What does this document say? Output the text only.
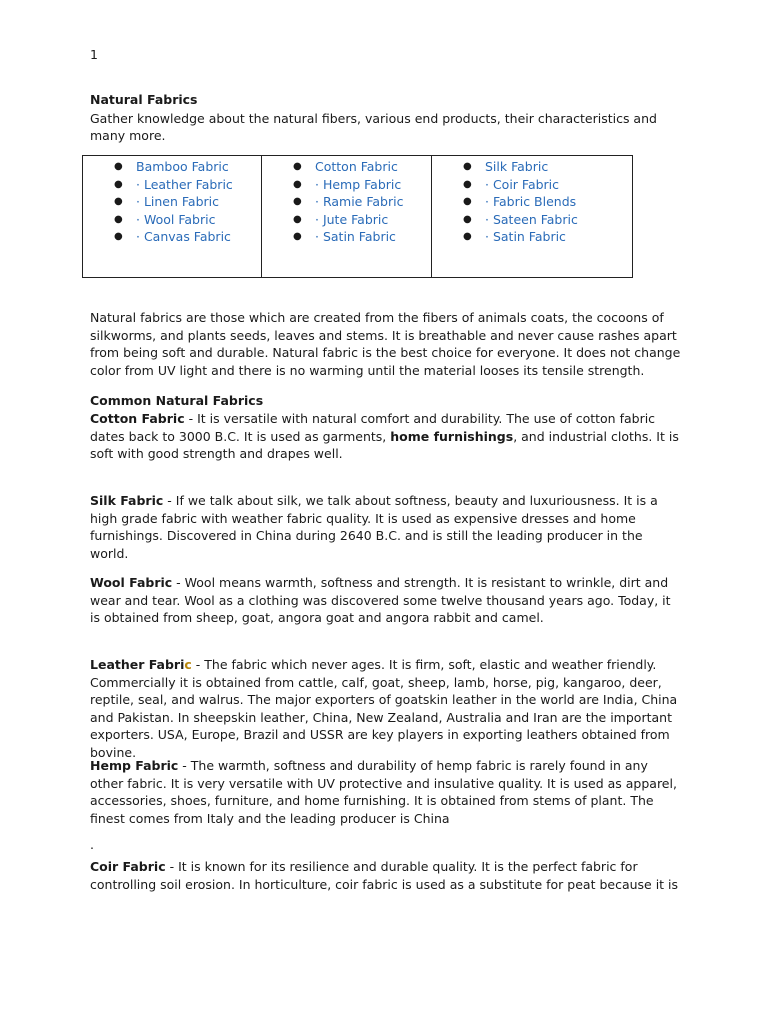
1
Natural Fabrics
Gather knowledge about the natural fibers, various end products, their characteristics and many more.
● Bamboo Fabric
● · Leather Fabric
● · Linen Fabric
● · Wool Fabric
● · Canvas Fabric

● Cotton Fabric
● · Hemp Fabric
● · Ramie Fabric
● · Jute Fabric
● · Satin Fabric

● Silk Fabric
● · Coir Fabric
● · Fabric Blends
● · Sateen Fabric
● · Satin Fabric

Natural fabrics are those which are created from the fibers of animals coats, the cocoons of silkworms, and plants seeds, leaves and stems. It is breathable and never cause rashes apart from being soft and durable. Natural fabric is the best choice for everyone. It does not change color from UV light and there is no warming until the material looses its tensile strength.

Common Natural Fabrics

Cotton Fabric - It is versatile with natural comfort and durability. The use of cotton fabric dates back to 3000 B.C. It is used as garments, home furnishings, and industrial cloths. It is soft with good strength and drapes well.

Silk Fabric - If we talk about silk, we talk about softness, beauty and luxuriousness. It is a high grade fabric with weather fabric quality. It is used as expensive dresses and home furnishings. Discovered in China during 2640 B.C. and is still the leading producer in the world.

Wool Fabric - Wool means warmth, softness and strength. It is resistant to wrinkle, dirt and wear and tear. Wool as a clothing was discovered some twelve thousand years ago. Today, it is obtained from sheep, goat, angora goat and angora rabbit and camel.

Leather Fabric - The fabric which never ages. It is firm, soft, elastic and weather friendly. Commercially it is obtained from cattle, calf, goat, sheep, lamb, horse, pig, kangaroo, deer, reptile, seal, and walrus. The major exporters of goatskin leather in the world are India, China and Pakistan. In sheepskin leather, China, New Zealand, Australia and Iran are the important exporters. USA, Europe, Brazil and USSR are key players in exporting leathers obtained from bovine.

Hemp Fabric - The warmth, softness and durability of hemp fabric is rarely found in any other fabric. It is very versatile with UV protective and insulative quality. It is used as apparel, accessories, shoes, furniture, and home furnishing. It is obtained from stems of plant. The finest comes from Italy and the leading producer is China

.

Coir Fabric - It is known for its resilience and durable quality. It is the perfect fabric for controlling soil erosion. In horticulture, coir fabric is used as a substitute for peat because it is
